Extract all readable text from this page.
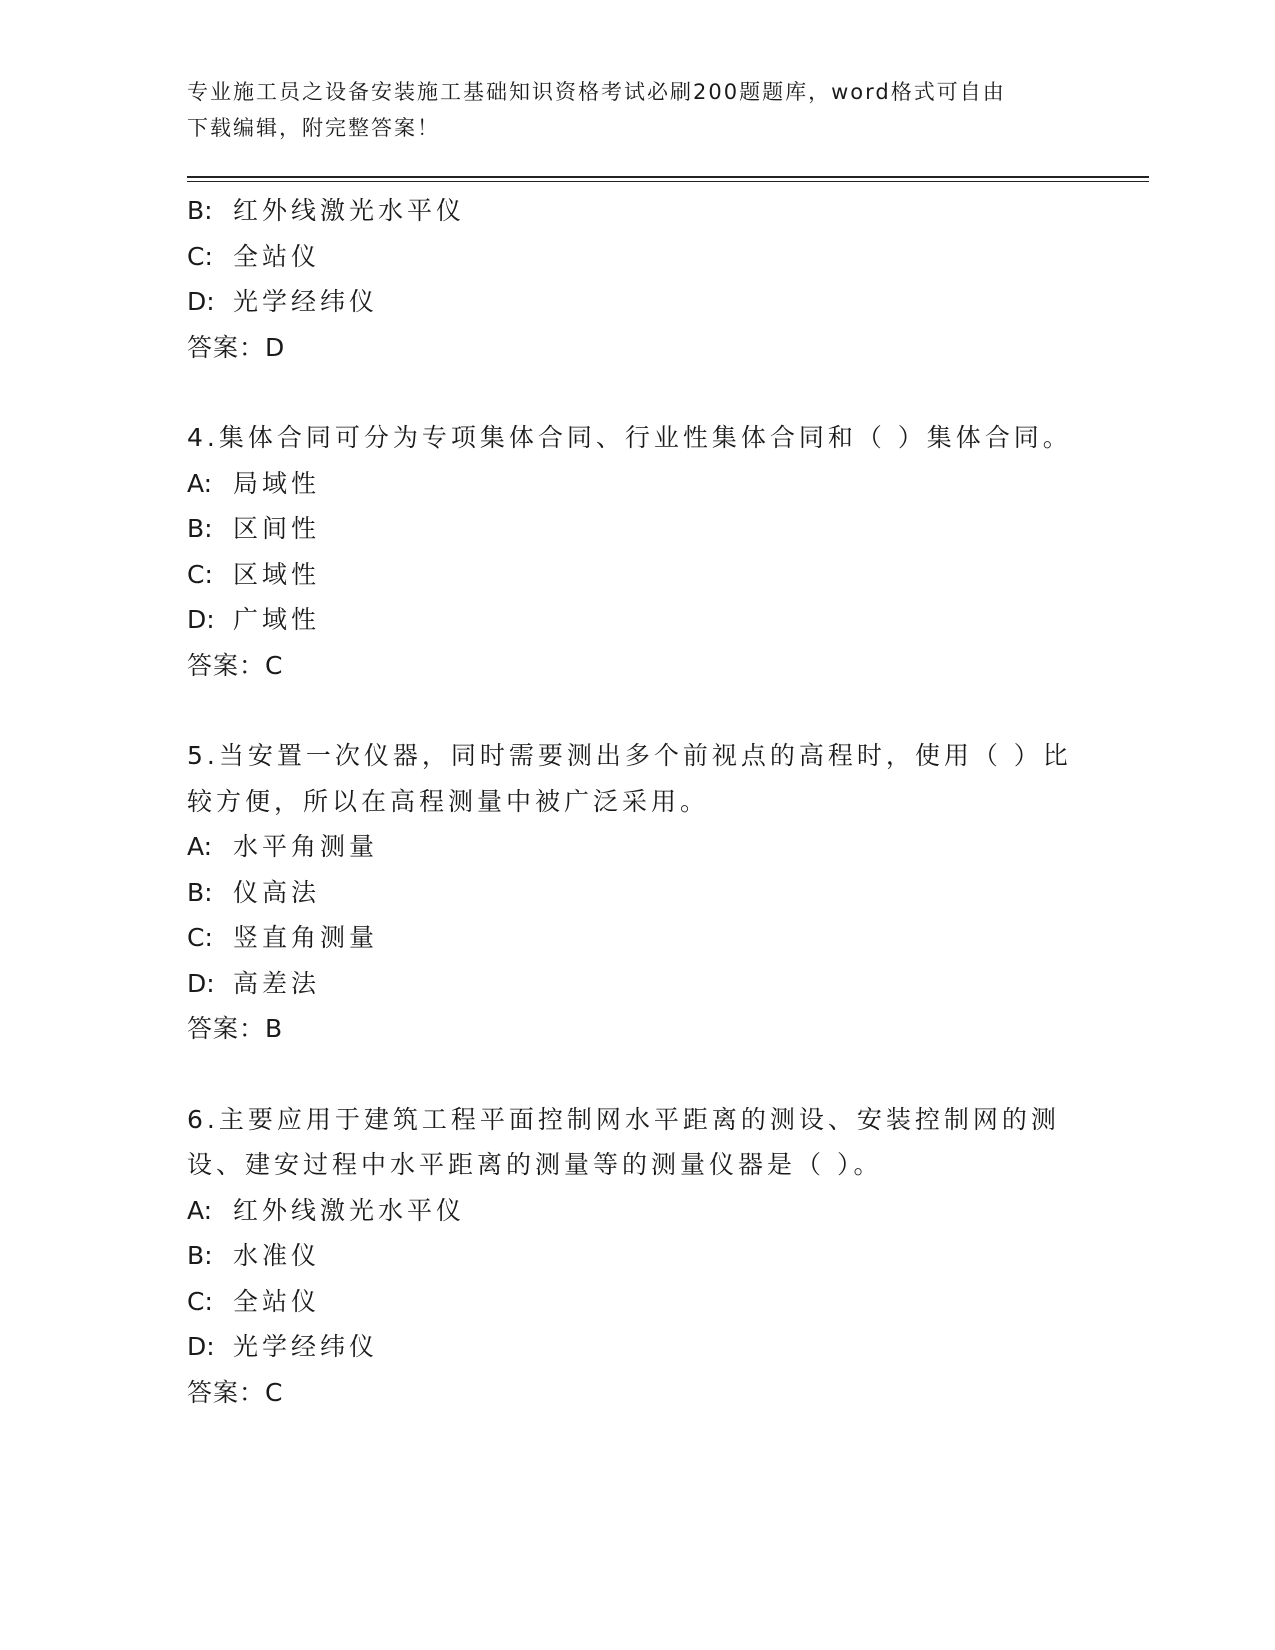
专业施工员之设备安装施工基础知识资格考试必刷200题题库，word格式可自由
下载编辑，附完整答案！
B: 红外线激光水平仪
C: 全站仪
D: 光学经纬仪
答案：D
4.集体合同可分为专项集体合同、行业性集体合同和（ ）集体合同。
A: 局域性
B: 区间性
C: 区域性
D: 广域性
答案：C
5.当安置一次仪器，同时需要测出多个前视点的高程时，使用（ ）比
较方便，所以在高程测量中被广泛采用。
A: 水平角测量
B: 仪高法
C: 竖直角测量
D: 高差法
答案：B
6.主要应用于建筑工程平面控制网水平距离的测设、安装控制网的测
设、建安过程中水平距离的测量等的测量仪器是（ ）。
A: 红外线激光水平仪
B: 水准仪
C: 全站仪
D: 光学经纬仪
答案：C
